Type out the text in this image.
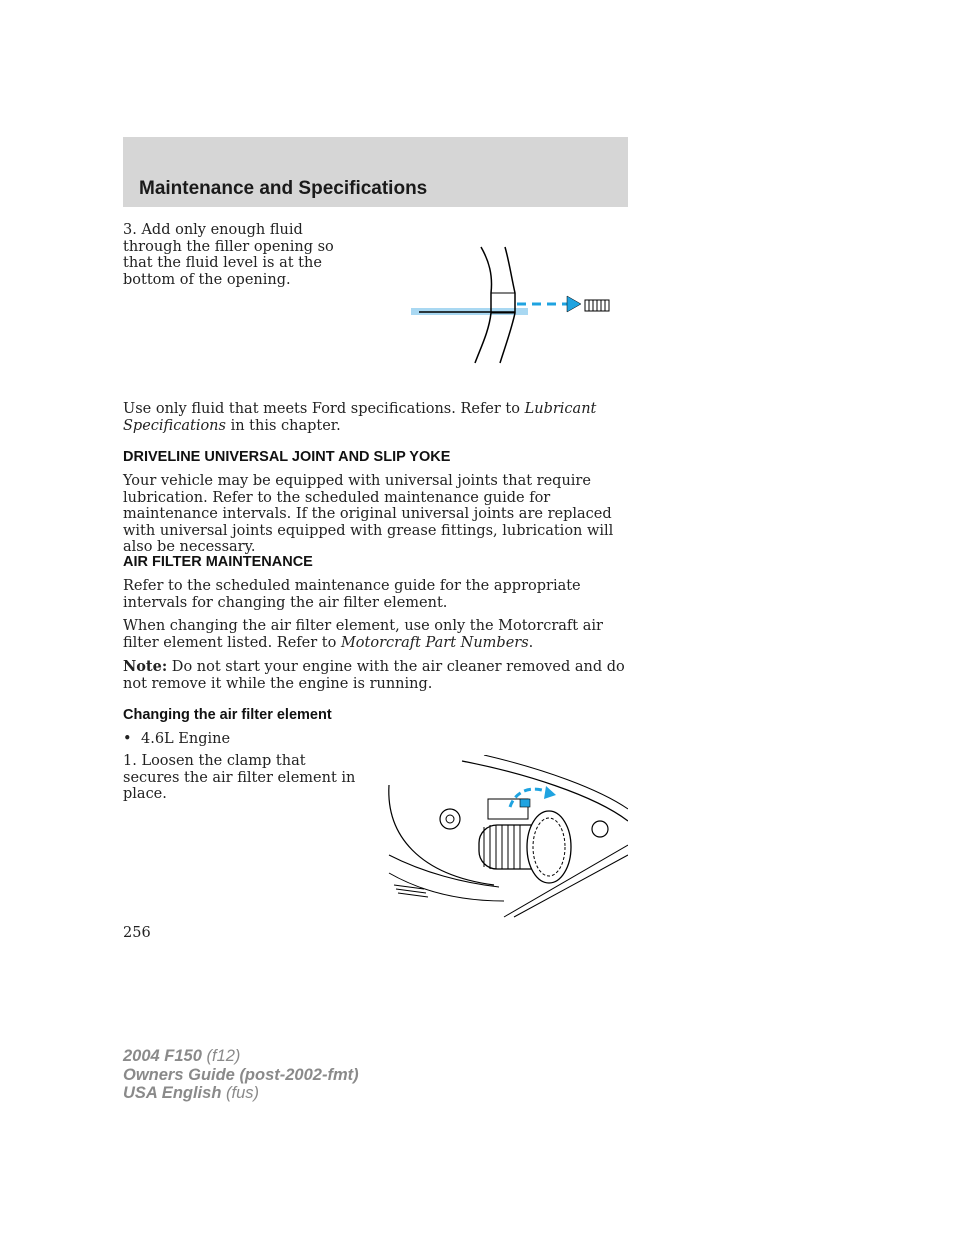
Maintenance and Specifications

3. Add only enough fluid through the filler opening so that the fluid level is at the bottom of the opening.

Use only fluid that meets Ford specifications. Refer to Lubricant Specifications in this chapter.

DRIVELINE UNIVERSAL JOINT AND SLIP YOKE

Your vehicle may be equipped with universal joints that require lubrication. Refer to the scheduled maintenance guide for maintenance intervals. If the original universal joints are replaced with universal joints equipped with grease fittings, lubrication will also be necessary.

AIR FILTER MAINTENANCE

Refer to the scheduled maintenance guide for the appropriate intervals for changing the air filter element.

When changing the air filter element, use only the Motorcraft air filter element listed. Refer to Motorcraft Part Numbers.

Note: Do not start your engine with the air cleaner removed and do not remove it while the engine is running.

Changing the air filter element
• 4.6L Engine

1. Loosen the clamp that secures the air filter element in place.

256
2004 F150 (f12)
Owners Guide (post-2002-fmt)
USA English (fus)
